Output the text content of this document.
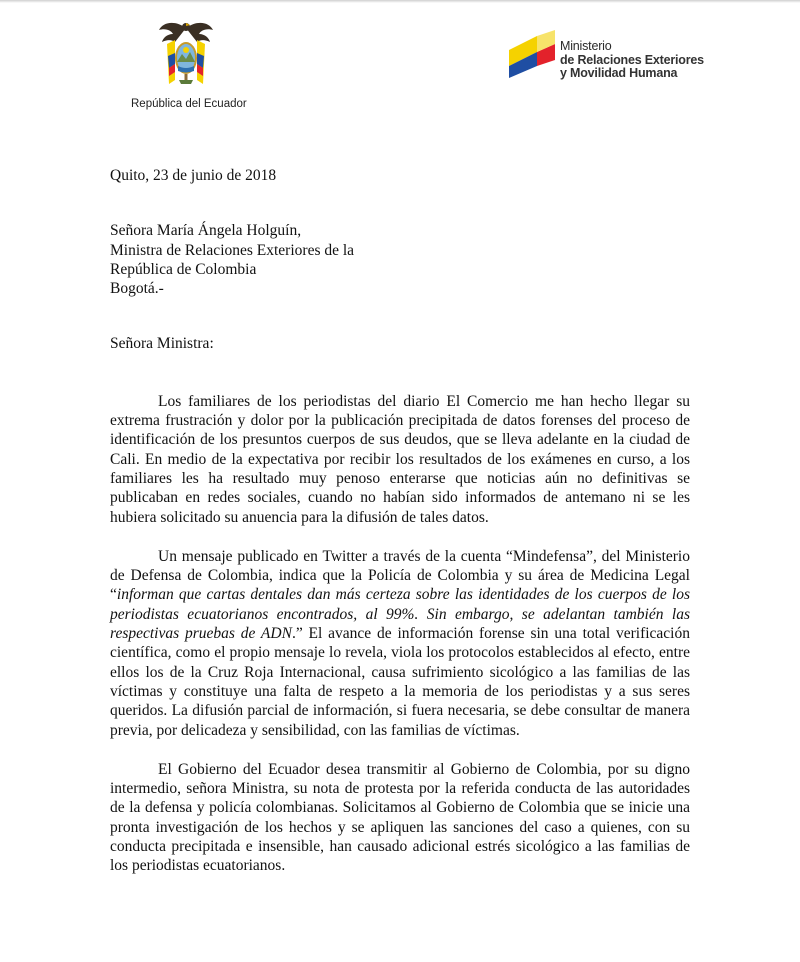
República del Ecuador
Ministerio
de Relaciones Exteriores
y Movilidad Humana
Quito, 23 de junio de 2018
Señora María Ángela Holguín,
Ministra de Relaciones Exteriores de la
República de Colombia
Bogotá.-
Señora Ministra:

Los familiares de los periodistas del diario El Comercio me han hecho llegar su extrema frustración y dolor por la publicación precipitada de datos forenses del proceso de identificación de los presuntos cuerpos de sus deudos, que se lleva adelante en la ciudad de Cali. En medio de la expectativa por recibir los resultados de los exámenes en curso, a los familiares les ha resultado muy penoso enterarse que noticias aún no definitivas se publicaban en redes sociales, cuando no habían sido informados de antemano ni se les hubiera solicitado su anuencia para la difusión de tales datos.

Un mensaje publicado en Twitter a través de la cuenta “Mindefensa”, del Ministerio de Defensa de Colombia, indica que la Policía de Colombia y su área de Medicina Legal “informan que cartas dentales dan más certeza sobre las identidades de los cuerpos de los periodistas ecuatorianos encontrados, al 99%. Sin embargo, se adelantan también las respectivas pruebas de ADN.” El avance de información forense sin una total verificación científica, como el propio mensaje lo revela, viola los protocolos establecidos al efecto, entre ellos los de la Cruz Roja Internacional, causa sufrimiento sicológico a las familias de las víctimas y constituye una falta de respeto a la memoria de los periodistas y a sus seres queridos. La difusión parcial de información, si fuera necesaria, se debe consultar de manera previa, por delicadeza y sensibilidad, con las familias de víctimas.

El Gobierno del Ecuador desea transmitir al Gobierno de Colombia, por su digno intermedio, señora Ministra, su nota de protesta por la referida conducta de las autoridades de la defensa y policía colombianas. Solicitamos al Gobierno de Colombia que se inicie una pronta investigación de los hechos y se apliquen las sanciones del caso a quienes, con su conducta precipitada e insensible, han causado adicional estrés sicológico a las familias de los periodistas ecuatorianos.
